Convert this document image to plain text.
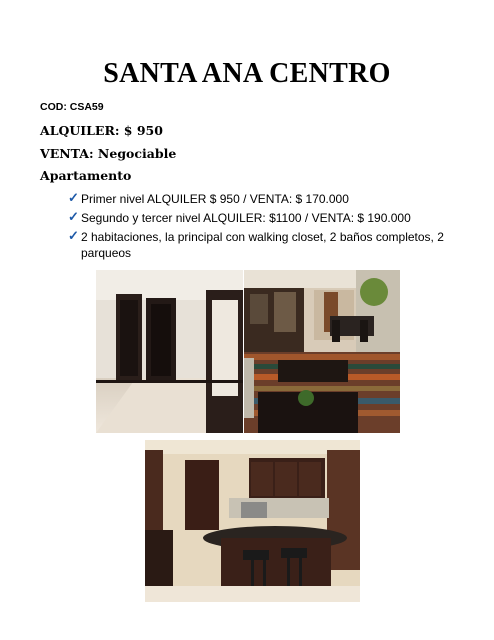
SANTA ANA CENTRO
COD: CSA59
ALQUILER: $ 950
VENTA: Negociable
Apartamento
✓ Primer nivel ALQUILER $ 950 / VENTA: $ 170.000
✓ Segundo y tercer nivel ALQUILER: $1100 / VENTA: $ 190.000
✓ 2 habitaciones, la principal con walking closet, 2 baños completos, 2 parqueos
